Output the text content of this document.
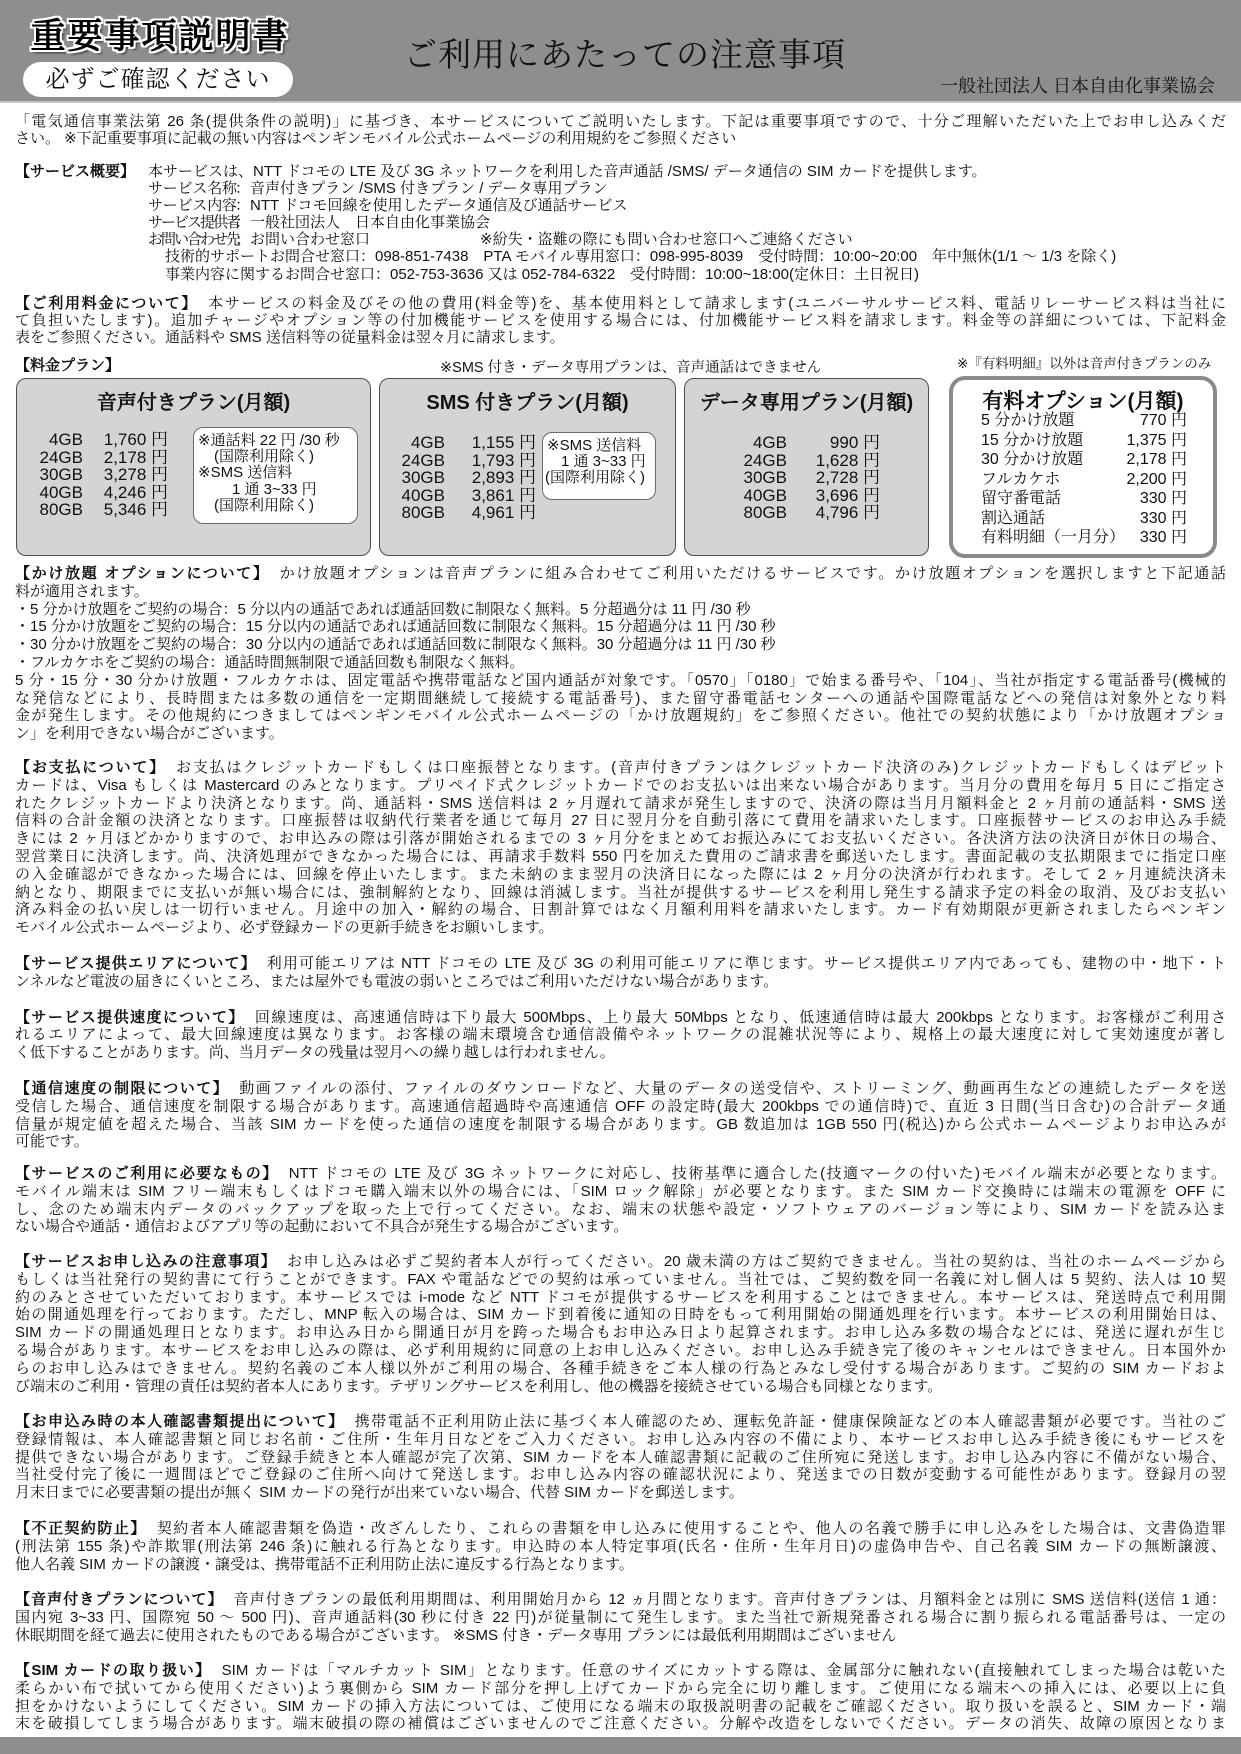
重要事項説明書
必ずご確認ください
ご利用にあたっての注意事項
一般社団法人 日本自由化事業協会
「電気通信事業法第 26 条(提供条件の説明)」に基づき、本サービスについてご説明いたします。下記は重要事項ですので、十分ご理解いただいた上でお申し込みくだ
さい。 ※下記重要事項に記載の無い内容はペンギンモバイル公式ホームページの利用規約をご参照ください
【サービス概要】 本サービスは、NTT ドコモの LTE 及び 3G ネットワークを利用した音声通話 /SMS/ データ通信の SIM カードを提供します。
サービス名称：音声付きプラン /SMS 付きプラン / データ専用プラン
サービス内容：NTT ドコモ回線を使用したデータ通信及び通話サービス
サービス提供者：一般社団法人　日本自由化事業協会
お問い合わせ先：お問い合わせ窓口	※紛失・盗難の際にも問い合わせ窓口へご連絡ください
技術的サポートお問合せ窓口：098-851-7438　PTA モバイル専用窓口：098-995-8039　受付時間：10:00~20:00　年中無休(1/1 ～ 1/3 を除く)
事業内容に関するお問合せ窓口：052-753-3636 又は 052-784-6322　受付時間：10:00~18:00(定休日：土日祝日)
【ご利用料金について】 本サービスの料金及びその他の費用(料金等)を、基本使用料として請求します(ユニバーサルサービス料、電話リレーサービス料は当社に
て負担いたします)。追加チャージやオプション等の付加機能サービスを使用する場合には、付加機能サービス料を請求します。料金等の詳細については、下記料金
表をご参照ください。通話料や SMS 送信料等の従量料金は翌々月に請求します。
【料金プラン】	※SMS 付き・データ専用プランは、音声通話はできません	※『有料明細』以外は音声付きプランのみ
音声付きプラン(月額)
4GB 1,760 円
24GB 2,178 円
30GB 3,278 円
40GB 4,246 円
80GB 5,346 円
※通話料 22 円 /30 秒
(国際利用除く)
※SMS 送信料
1 通 3~33 円
(国際利用除く)
SMS 付きプラン(月額)
4GB 1,155 円
24GB 1,793 円
30GB 2,893 円
40GB 3,861 円
80GB 4,961 円
※SMS 送信料
1 通 3~33 円
(国際利用除く)
データ専用プラン(月額)
4GB	990 円
24GB 1,628 円
30GB 2,728 円
40GB 3,696 円
80GB 4,796 円
有料オプション(月額)
5 分かけ放題	770 円
15 分かけ放題	1,375 円
30 分かけ放題	2,178 円
フルカケホ	2,200 円
留守番電話	330 円
割込通話	330 円
有料明細（一月分） 330 円
【かけ放題 オプションについて】 かけ放題オプションは音声プランに組み合わせてご利用いただけるサービスです。かけ放題オプションを選択しますと下記通話
料が適用されます。
・5 分かけ放題をご契約の場合：5 分以内の通話であれば通話回数に制限なく無料。5 分超過分は 11 円 /30 秒
・15 分かけ放題をご契約の場合：15 分以内の通話であれば通話回数に制限なく無料。15 分超過分は 11 円 /30 秒
・30 分かけ放題をご契約の場合：30 分以内の通話であれば通話回数に制限なく無料。30 分超過分は 11 円 /30 秒
・フルカケホをご契約の場合：通話時間無制限で通話回数も制限なく無料。
5 分・15 分・30 分かけ放題・フルカケホは、固定電話や携帯電話など国内通話が対象です。「0570」「0180」で始まる番号や、「104」、当社が指定する電話番号(機械的
な発信などにより、長時間または多数の通信を一定期間継続して接続する電話番号)、また留守番電話センターへの通話や国際電話などへの発信は対象外となり料
金が発生します。その他規約につきましてはペンギンモバイル公式ホームページの「かけ放題規約」をご参照ください。他社での契約状態により「かけ放題オプショ
ン」を利用できない場合がございます。
【お支払について】 お支払はクレジットカードもしくは口座振替となります。(音声付きプランはクレジットカード決済のみ)クレジットカードもしくはデビット
カードは、Visa もしくは Mastercard のみとなります。プリペイド式クレジットカードでのお支払いは出来ない場合があります。当月分の費用を毎月 5 日にご指定さ
れたクレジットカードより決済となります。尚、通話料・SMS 送信料は 2 ヶ月遅れて請求が発生しますので、決済の際は当月月額料金と 2 ヶ月前の通話料・SMS 送
信料の合計金額の決済となります。口座振替は収納代行業者を通じて毎月 27 日に翌月分を自動引落にて費用を請求いたします。口座振替サービスのお申込み手続
きには 2 ヶ月ほどかかりますので、お申込みの際は引落が開始されるまでの 3 ヶ月分をまとめてお振込みにてお支払いください。各決済方法の決済日が休日の場合、
翌営業日に決済します。尚、決済処理ができなかった場合には、再請求手数料 550 円を加えた費用のご請求書を郵送いたします。書面記載の支払期限までに指定口座
の入金確認ができなかった場合には、回線を停止いたします。また未納のまま翌月の決済日になった際には 2 ヶ月分の決済が行われます。そして 2 ヶ月連続決済未
納となり、期限までに支払いが無い場合には、強制解約となり、回線は消滅します。当社が提供するサービスを利用し発生する請求予定の料金の取消、及びお支払い
済み料金の払い戻しは一切行いません。月途中の加入・解約の場合、日割計算ではなく月額利用料を請求いたします。カード有効期限が更新されましたらペンギン
モバイル公式ホームページより、必ず登録カードの更新手続きをお願いします。
【サービス提供エリアについて】 利用可能エリアは NTT ドコモの LTE 及び 3G の利用可能エリアに準じます。サービス提供エリア内であっても、建物の中・地下・ト
ンネルなど電波の届きにくいところ、または屋外でも電波の弱いところではご利用いただけない場合があります。
【サービス提供速度について】 回線速度は、高速通信時は下り最大 500Mbps、上り最大 50Mbps となり、低速通信時は最大 200kbps となります。お客様がご利用さ
れるエリアによって、最大回線速度は異なります。お客様の端末環境含む通信設備やネットワークの混雑状況等により、規格上の最大速度に対して実効速度が著し
く低下することがあります。尚、当月データの残量は翌月への繰り越しは行われません。
【通信速度の制限について】 動画ファイルの添付、ファイルのダウンロードなど、大量のデータの送受信や、ストリーミング、動画再生などの連続したデータを送
受信した場合、通信速度を制限する場合があります。高速通信超過時や高速通信 OFF の設定時(最大 200kbps での通信時)で、直近 3 日間(当日含む)の合計データ通
信量が規定値を超えた場合、当該 SIM カードを使った通信の速度を制限する場合があります。GB 数追加は 1GB 550 円(税込)から公式ホームページよりお申込みが
可能です。
【サービスのご利用に必要なもの】 NTT ドコモの LTE 及び 3G ネットワークに対応し、技術基準に適合した(技適マークの付いた)モバイル端末が必要となります。
モバイル端末は SIM フリー端末もしくはドコモ購入端末以外の場合には、「SIM ロック解除」が必要となります。また SIM カード交換時には端末の電源を OFF に
し、念のため端末内データのバックアップを取った上で行ってください。なお、端末の状態や設定・ソフトウェアのバージョン等により、SIM カードを読み込ま
ない場合や通話・通信およびアプリ等の起動において不具合が発生する場合がございます。
【サービスお申し込みの注意事項】 お申し込みは必ずご契約者本人が行ってください。20 歳未満の方はご契約できません。当社の契約は、当社のホームページから
もしくは当社発行の契約書にて行うことができます。FAX や電話などでの契約は承っていません。当社では、ご契約数を同一名義に対し個人は 5 契約、法人は 10 契
約のみとさせていただいております。本サービスでは i-mode など NTT ドコモが提供するサービスを利用することはできません。本サービスは、発送時点で利用開
始の開通処理を行っております。ただし、MNP 転入の場合は、SIM カード到着後に通知の日時をもって利用開始の開通処理を行います。本サービスの利用開始日は、
SIM カードの開通処理日となります。お申込み日から開通日が月を跨った場合もお申込み日より起算されます。お申し込み多数の場合などには、発送に遅れが生じ
る場合があります。本サービスをお申し込みの際は、必ず利用規約に同意の上お申し込みください。お申し込み手続き完了後のキャンセルはできません。日本国外か
らのお申し込みはできません。契約名義のご本人様以外がご利用の場合、各種手続きをご本人様の行為とみなし受付する場合があります。ご契約の SIM カードおよ
び端末のご利用・管理の責任は契約者本人にあります。テザリングサービスを利用し、他の機器を接続させている場合も同様となります。
【お申込み時の本人確認書類提出について】 携帯電話不正利用防止法に基づく本人確認のため、運転免許証・健康保険証などの本人確認書類が必要です。当社のご
登録情報は、本人確認書類と同じお名前・ご住所・生年月日などをご入力ください。お申し込み内容の不備により、本サービスお申し込み手続き後にもサービスを
提供できない場合があります。ご登録手続きと本人確認が完了次第、SIM カードを本人確認書類に記載のご住所宛に発送します。お申し込み内容に不備がない場合、
当社受付完了後に一週間ほどでご登録のご住所へ向けて発送します。お申し込み内容の確認状況により、発送までの日数が変動する可能性があります。登録月の翌
月末日までに必要書類の提出が無く SIM カードの発行が出来ていない場合、代替 SIM カードを郵送します。
【不正契約防止】 契約者本人確認書類を偽造・改ざんしたり、これらの書類を申し込みに使用することや、他人の名義で勝手に申し込みをした場合は、文書偽造罪
(刑法第 155 条)や詐欺罪(刑法第 246 条)に触れる行為となります。申込時の本人特定事項(氏名・住所・生年月日)の虚偽申告や、自己名義 SIM カードの無断譲渡、
他人名義 SIM カードの譲渡・譲受は、携帯電話不正利用防止法に違反する行為となります。
【音声付きプランについて】 音声付きプランの最低利用期間は、利用開始月から 12 ヵ月間となります。音声付きプランは、月額料金とは別に SMS 送信料(送信 1 通：
国内宛 3~33 円、国際宛 50 ～ 500 円)、音声通話料(30 秒に付き 22 円)が従量制にて発生します。また当社で新規発番される場合に割り振られる電話番号は、一定の
休眠期間を経て過去に使用されたものである場合がございます。 ※SMS 付き・データ専用 プランには最低利用期間はございません
【SIM カードの取り扱い】 SIM カードは「マルチカット SIM」となります。任意のサイズにカットする際は、金属部分に触れない(直接触れてしまった場合は乾いた
柔らかい布で拭いてから使用ください)よう裏側から SIM カード部分を押し上げてカードから完全に切り離します。ご使用になる端末への挿入には、必要以上に負
担をかけないようにしてください。SIM カードの挿入方法については、ご使用になる端末の取扱説明書の記載をご確認ください。取り扱いを誤ると、SIM カード・端
末を破損してしまう場合があります。端末破損の際の補償はございませんのでご注意ください。分解や改造をしないでください。データの消失、故障の原因となりま
